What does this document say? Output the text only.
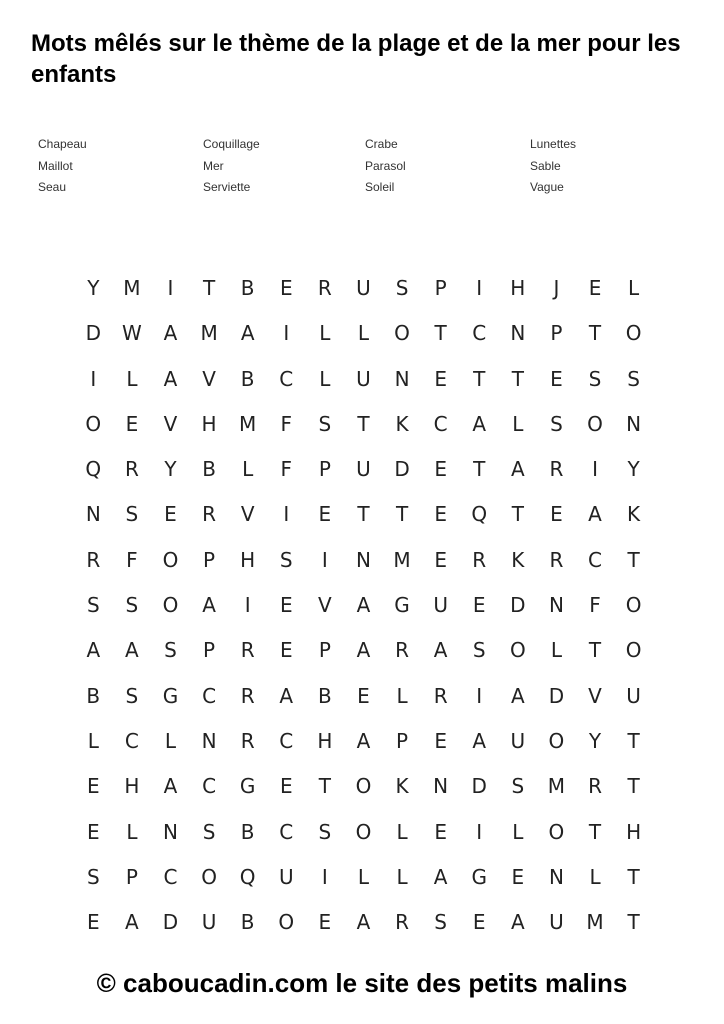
Mots mêlés sur le thème de la plage et de la mer pour les enfants
Chapeau	Coquillage	Crabe	Lunettes
Maillot	Mer	Parasol	Sable
Seau	Serviette	Soleil	Vague
Y	M	I	T	B	E	R	U	S	P	I	H	J	E	L
D	W	A	M	A	I	L	L	O	T	C	N	P	T	O
I	L	A	V	B	C	L	U	N	E	T	T	E	S	S
O	E	V	H	M	F	S	T	K	C	A	L	S	O	N
Q	R	Y	B	L	F	P	U	D	E	T	A	R	I	Y
N	S	E	R	V	I	E	T	T	E	Q	T	E	A	K
R	F	O	P	H	S	I	N	M	E	R	K	R	C	T
S	S	O	A	I	E	V	A	G	U	E	D	N	F	O
A	A	S	P	R	E	P	A	R	A	S	O	L	T	O
B	S	G	C	R	A	B	E	L	R	I	A	D	V	U
L	C	L	N	R	C	H	A	P	E	A	U	O	Y	T
E	H	A	C	G	E	T	O	K	N	D	S	M	R	T
E	L	N	S	B	C	S	O	L	E	I	L	O	T	H
S	P	C	O	Q	U	I	L	L	A	G	E	N	L	T
E	A	D	U	B	O	E	A	R	S	E	A	U	M	T
© caboucadin.com le site des petits malins
